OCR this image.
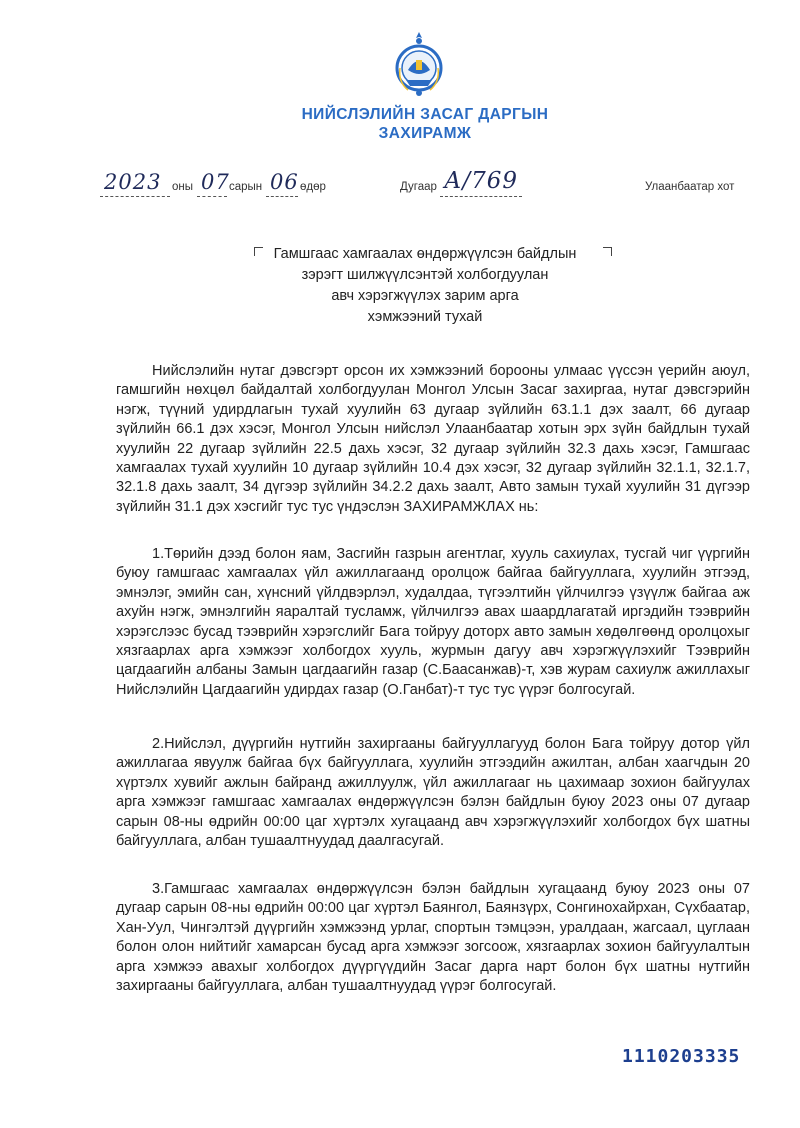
НИЙСЛЭЛИЙН ЗАСАГ ДАРГЫН
ЗАХИРАМЖ
2023 оны 07 сарын 06 өдөр	Дугаар А/769	Улаанбаатар хот
Гамшгаас хамгаалах өндөржүүлсэн байдлын
зэрэгт шилжүүлсэнтэй холбогдуулан
авч хэрэгжүүлэх зарим арга
хэмжээний тухай

Нийслэлийн нутаг дэвсгэрт орсон их хэмжээний бороoны улмаас үүссэн үерийн аюул, гамшгийн нөхцөл байдалтай холбогдуулан Монгол Улсын Засаг захиргаа, нутаг дэвсгэрийн нэгж, түүний удирдлагын тухай хуулийн 63 дугаар зүйлийн 63.1.1 дэх заалт, 66 дугаар зүйлийн 66.1 дэх хэсэг, Монгол Улсын нийслэл Улаанбаатар хотын эрх зүйн байдлын тухай хуулийн 22 дугаар зүйлийн 22.5 дахь хэсэг, 32 дугаар зүйлийн 32.3 дахь хэсэг, Гамшгаас хамгаалах тухай хуулийн 10 дугаар зүйлийн 10.4 дэх хэсэг, 32 дугаар зүйлийн 32.1.1, 32.1.7, 32.1.8 дахь заалт, 34 дүгээр зүйлийн 34.2.2 дахь заалт, Авто замын тухай хуулийн 31 дүгээр зүйлийн 31.1 дэх хэсгийг тус тус үндэслэн ЗАХИРАМЖЛАХ нь:

1.Төрийн дээд болон яам, Засгийн газрын агентлаг, хууль сахиулах, тусгай чиг үүргийн буюу гамшгаас хамгаалах үйл ажиллагаанд оролцож байгаа байгууллага, хуулийн этгээд, эмнэлэг, эмийн сан, хүнсний үйлдвэрлэл, худалдаа, түгээлтийн үйлчилгээ үзүүлж байгаа аж ахуйн нэгж, эмнэлгийн яаралтай тусламж, үйлчилгээ авах шаардлагатай иргэдийн тээврийн хэрэгслээс бусад тээврийн хэрэгслийг Бага тойруу доторх авто замын хөдөлгөөнд оролцохыг хязгаарлах арга хэмжээг холбогдох хууль, журмын дагуу авч хэрэгжүүлэхийг Тээврийн цагдаагийн албаны Замын цагдаагийн газар (С.Баасанжав)-т, хэв журам сахиулж ажиллахыг Нийслэлийн Цагдаагийн удирдах газар (О.Ганбат)-т тус тус үүрэг болгосугай.

2.Нийслэл, дүүргийн нутгийн захиргааны байгууллагууд болон Бага тойруу дотор үйл ажиллагаа явуулж байгаа бүх байгууллага, хуулийн этгээдийн ажилтан, албан хаагчдын 20 хүртэлх хувийг ажлын байранд ажиллуулж, үйл ажиллагааг нь цахимаар зохион байгуулах арга хэмжээг гамшгаас хамгаалах өндөржүүлсэн бэлэн байдлын буюу 2023 оны 07 дугаар сарын 08-ны өдрийн 00:00 цаг хүртэлх хугацаанд авч хэрэгжүүлэхийг холбогдох бүх шатны байгууллага, албан тушаалтнуудад даалгасугай.

3.Гамшгаас хамгаалах өндөржүүлсэн бэлэн байдлын хугацаанд буюу 2023 оны 07 дугаар сарын 08-ны өдрийн 00:00 цаг хүртэл Баянгол, Баянзүрх, Сонгинохайрхан, Сүхбаатар, Хан-Уул, Чингэлтэй дүүргийн хэмжээнд урлаг, спортын тэмцээн, уралдаан, жагсаал, цуглаан болон олон нийтийг хамарсан бусад арга хэмжээг зогсоож, хязгаарлах зохион байгуулалтын арга хэмжээ авахыг холбогдох дүүргүүдийн Засаг дарга нарт болон бүх шатны нутгийн захиргааны байгууллага, албан тушаалтнуудад үүрэг болгосугай.

1110203335
